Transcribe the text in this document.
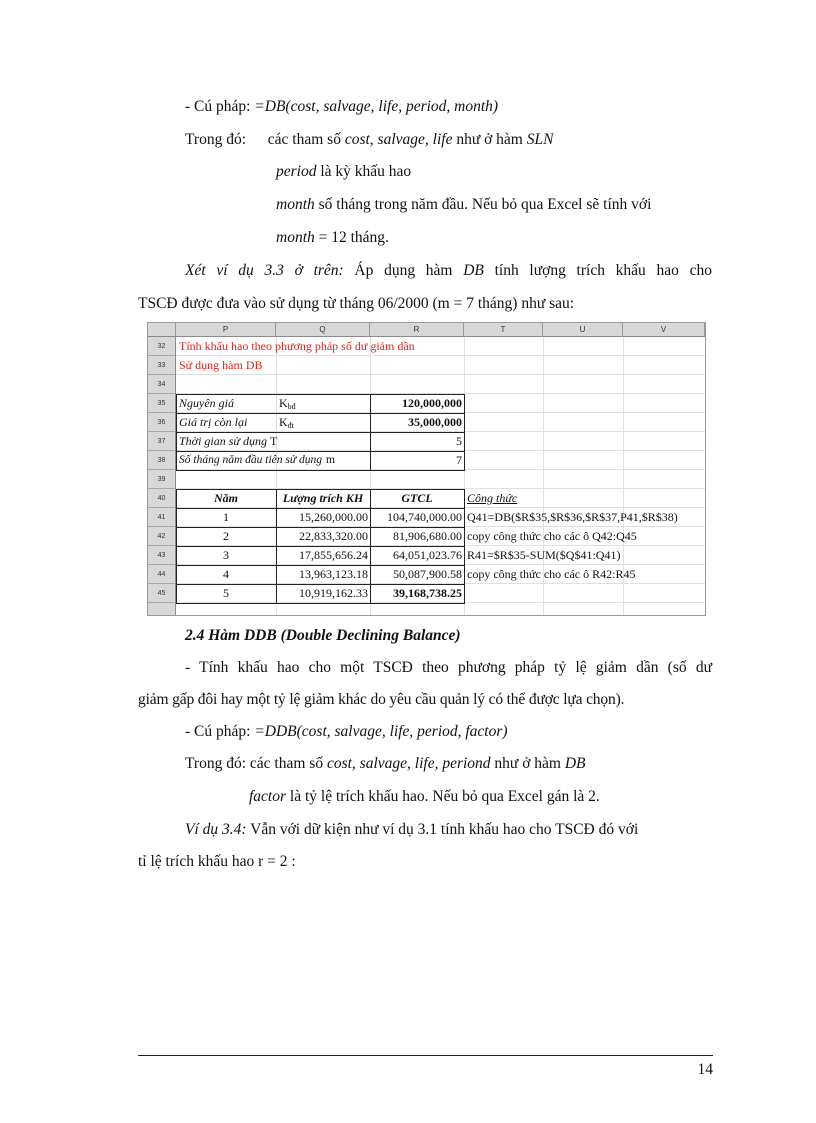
- Cú pháp: =DB(cost, salvage, life, period, month)
Trong đó: các tham số cost, salvage, life như ở hàm SLN
period là kỳ khấu hao
month số tháng trong năm đầu. Nếu bỏ qua Excel sẽ tính với
month = 12 tháng.
Xét ví dụ 3.3 ở trên: Áp dụng hàm DB tính lượng trích khấu hao cho
TSCĐ được đưa vào sử dụng từ tháng 06/2000 (m = 7 tháng) như sau:
P	Q	R	T	U	V
32
33
34
35
36
37
38
39
40
41
42
43
44
45
Tính khấu hao theo phương pháp số dư giảm dần
Sử dụng hàm DB
Nguyên giá	$K_{bđ}$	120,000,000
Giá trị còn lại	$K_{đt}$	35,000,000
Thời gian sử dụng T	5
Số tháng năm đầu tiên sử dụng m	7
Năm	Lượng trích KH	GTCL	Công thức
1	15,260,000.00	104,740,000.00 Q41=DB($R$35,$R$36,$R$37,P41,$R$38)
2	22,833,320.00	81,906,680.00 copy công thức cho các ô Q42:Q45
3	17,855,656.24	64,051,023.76 R41=$R$35-SUM($Q$41:Q41)
4	13,963,123.18	50,087,900.58 copy công thức cho các ô R42:R45
5	10,919,162.33	39,168,738.25
2.4 Hàm DDB (Double Declining Balance)
- Tính khấu hao cho một TSCĐ theo phương pháp tỷ lệ giảm dần (số dư
giảm gấp đôi hay một tỷ lệ giảm khác do yêu cầu quản lý có thể được lựa chọn).
- Cú pháp: =DDB(cost, salvage, life, period, factor)
Trong đó: các tham số cost, salvage, life, periond như ở hàm DB
factor là tỷ lệ trích khấu hao. Nếu bỏ qua Excel gán là 2.
Ví dụ 3.4: Vẫn với dữ kiện như ví dụ 3.1 tính khấu hao cho TSCĐ đó với
tỉ lệ trích khấu hao r = 2 :
14
